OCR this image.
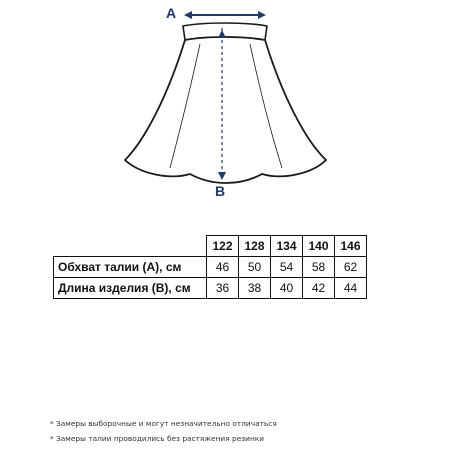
A
B
	122	128	134	140	146
Обхват талии (А), см	46	50	54	58	62
Длина изделия (В), см	36	38	40	42	44
* Замеры выборочные и могут незначительно отличаться
* Замеры талии проводились без растяжения резинки
